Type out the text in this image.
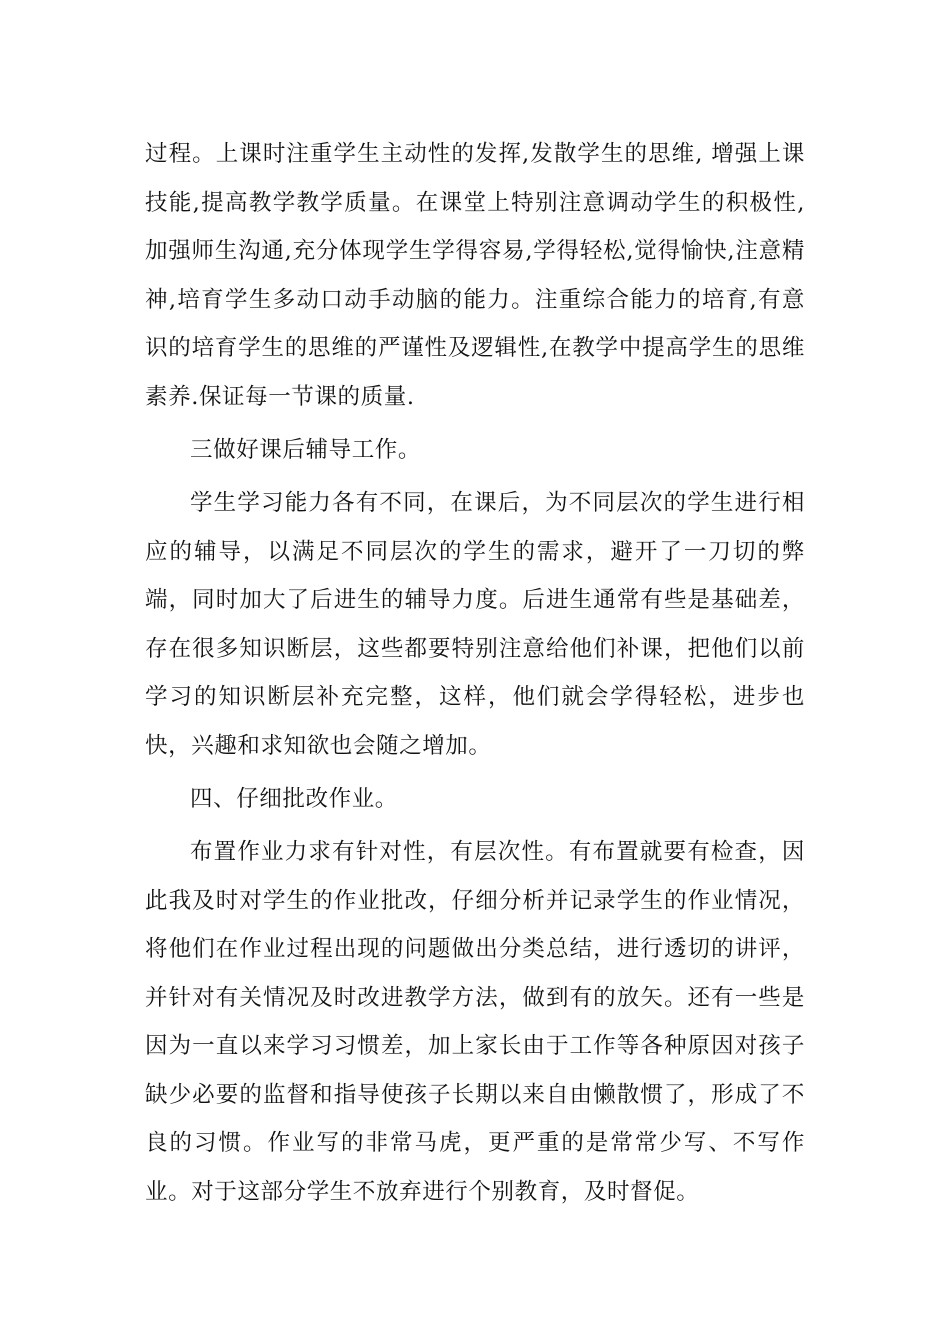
过程。上课时注重学生主动性的发挥,发散学生的思维, 增强上课技能,提高教学教学质量。在课堂上特别注意调动学生的积极性,加强师生沟通,充分体现学生学得容易,学得轻松,觉得愉快,注意精神,培育学生多动口动手动脑的能力。注重综合能力的培育,有意识的培育学生的思维的严谨性及逻辑性,在教学中提高学生的思维素养.保证每一节课的质量.

三做好课后辅导工作。

学生学习能力各有不同，在课后，为不同层次的学生进行相应的辅导，以满足不同层次的学生的需求，避开了一刀切的弊端，同时加大了后进生的辅导力度。后进生通常有些是基础差，存在很多知识断层，这些都要特别注意给他们补课，把他们以前学习的知识断层补充完整，这样，他们就会学得轻松，进步也快，兴趣和求知欲也会随之增加。

四、仔细批改作业。

布置作业力求有针对性，有层次性。有布置就要有检查，因此我及时对学生的作业批改，仔细分析并记录学生的作业情况，将他们在作业过程出现的问题做出分类总结，进行透切的讲评，并针对有关情况及时改进教学方法，做到有的放矢。还有一些是因为一直以来学习习惯差，加上家长由于工作等各种原因对孩子缺少必要的监督和指导使孩子长期以来自由懒散惯了，形成了不良的习惯。作业写的非常马虎，更严重的是常常少写、不写作业。对于这部分学生不放弃进行个别教育，及时督促。
